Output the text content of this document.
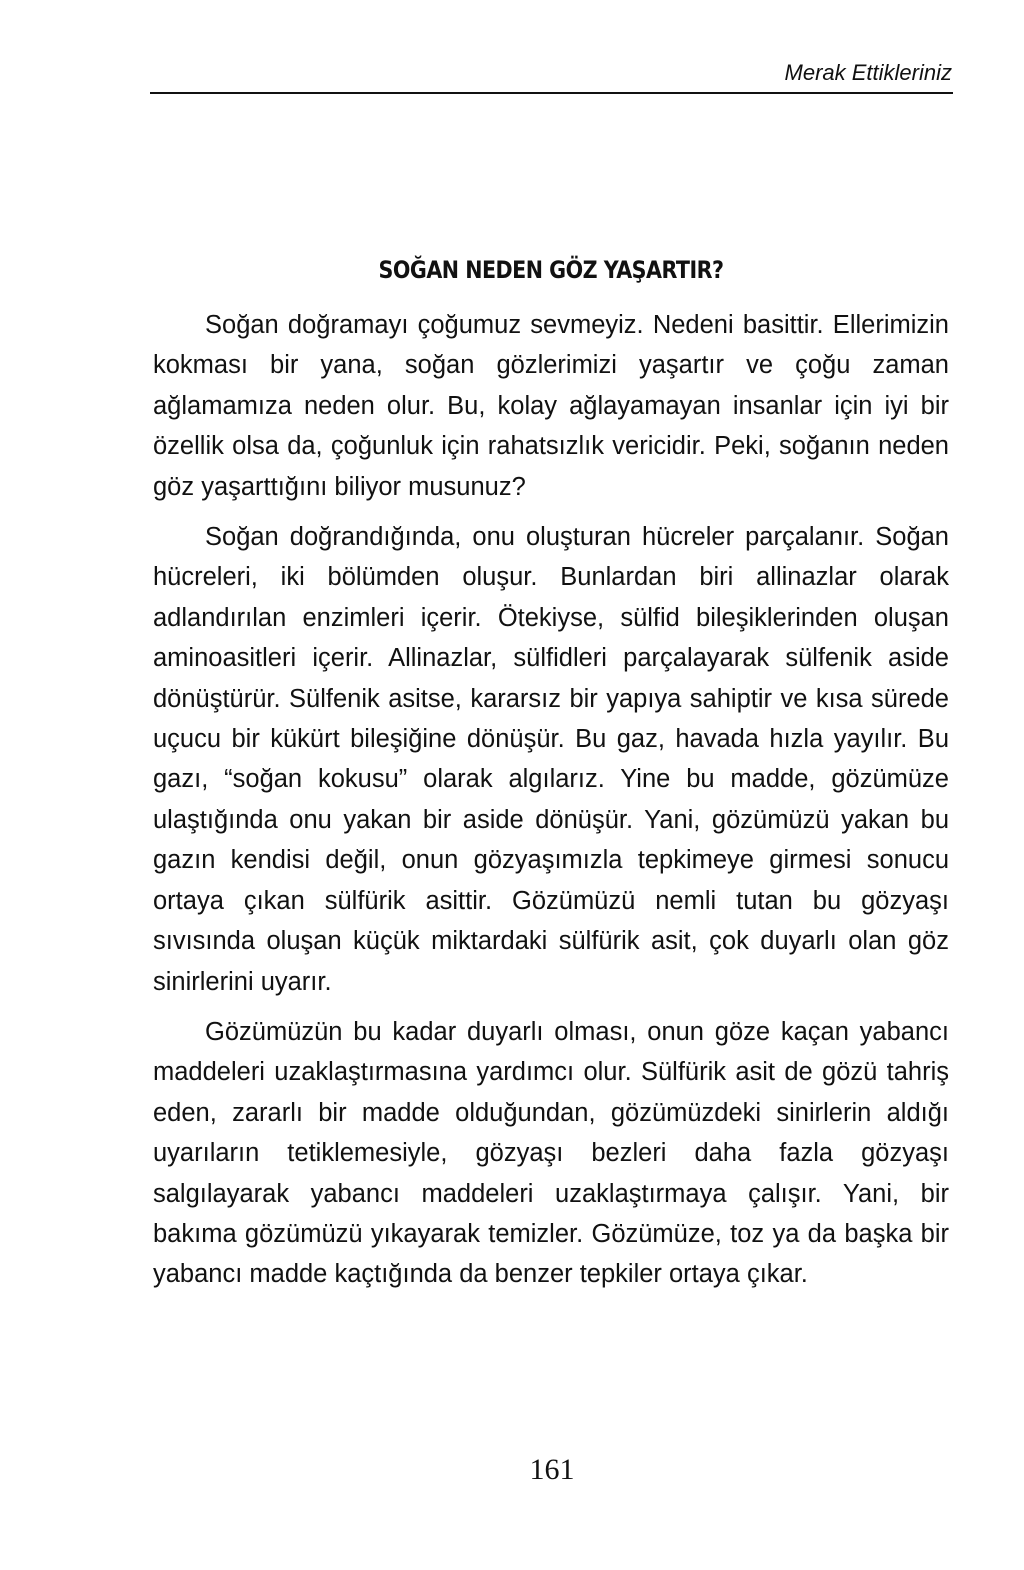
Merak Ettikleriniz
SOĞAN NEDEN GÖZ YAŞARTIR?

Soğan doğramayı çoğumuz sevmeyiz. Nedeni basittir. Ellerimizin kokması bir yana, soğan gözlerimizi yaşartır ve çoğu zaman ağlamamıza neden olur. Bu, kolay ağlayamayan insanlar için iyi bir özellik olsa da, çoğunluk için rahatsızlık vericidir. Peki, soğanın neden göz yaşarttığını biliyor musunuz?

Soğan doğrandığında, onu oluşturan hücreler parçalanır. Soğan hücreleri, iki bölümden oluşur. Bunlardan biri allinazlar olarak adlandırılan enzimleri içerir. Ötekiyse, sülfid bileşiklerinden oluşan aminoasitleri içerir. Allinazlar, sülfidleri parçalayarak sülfenik aside dönüştürür. Sülfenik asitse, kararsız bir yapıya sahiptir ve kısa sürede uçucu bir kükürt bileşiğine dönüşür. Bu gaz, havada hızla yayılır. Bu gazı, “soğan kokusu” olarak algılarız. Yine bu madde, gözümüze ulaştığında onu yakan bir aside dönüşür. Yani, gözümüzü yakan bu gazın kendisi değil, onun gözyaşımızla tepkimeye girmesi sonucu ortaya çıkan sülfürik asittir. Gözümüzü nemli tutan bu gözyaşı sıvısında oluşan küçük miktardaki sülfürik asit, çok duyarlı olan göz sinirlerini uyarır.

Gözümüzün bu kadar duyarlı olması, onun göze kaçan yabancı maddeleri uzaklaştırmasına yardımcı olur. Sülfürik asit de gözü tahriş eden, zararlı bir madde olduğundan, gözümüzdeki sinirlerin aldığı uyarıların tetiklemesiyle, gözyaşı bezleri daha fazla gözyaşı salgılayarak yabancı maddeleri uzaklaştırmaya çalışır. Yani, bir bakıma gözümüzü yıkayarak temizler. Gözümüze, toz ya da başka bir yabancı madde kaçtığında da benzer tepkiler ortaya çıkar.

161
